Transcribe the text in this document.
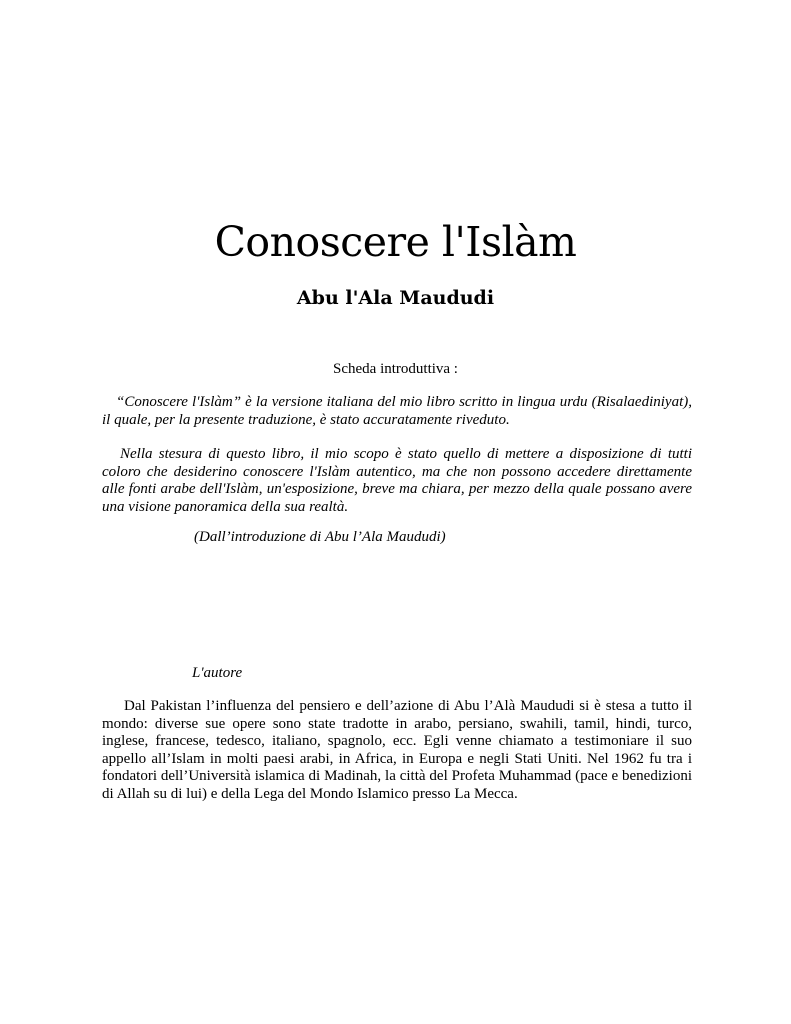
Conoscere l'Islàm
Abu l'Ala Maududi
Scheda introduttiva :

“Conoscere l'Islàm” è la versione italiana del mio libro scritto in lingua urdu (Risalaediniyat), il quale, per la presente traduzione, è stato accuratamente riveduto.

Nella stesura di questo libro, il mio scopo è stato quello di mettere a disposizione di tutti coloro che desiderino conoscere l'Islàm autentico, ma che non possono accedere direttamente alle fonti arabe dell'Islàm, un'esposizione, breve ma chiara, per mezzo della quale possano avere una visione panoramica della sua realtà.

(Dall’introduzione di Abu l’Ala Maududi)
L'autore

Dal Pakistan l’influenza del pensiero e dell’azione di Abu l’Alà Maududi si è stesa a tutto il mondo: diverse sue opere sono state tradotte in arabo, persiano, swahili, tamil, hindi, turco, inglese, francese, tedesco, italiano, spagnolo, ecc. Egli venne chiamato a testimoniare il suo appello all’Islam in molti paesi arabi, in Africa, in Europa e negli Stati Uniti. Nel 1962 fu tra i fondatori dell’Università islamica di Madinah, la città del Profeta Muhammad (pace e benedizioni di Allah su di lui) e della Lega del Mondo Islamico presso La Mecca.
